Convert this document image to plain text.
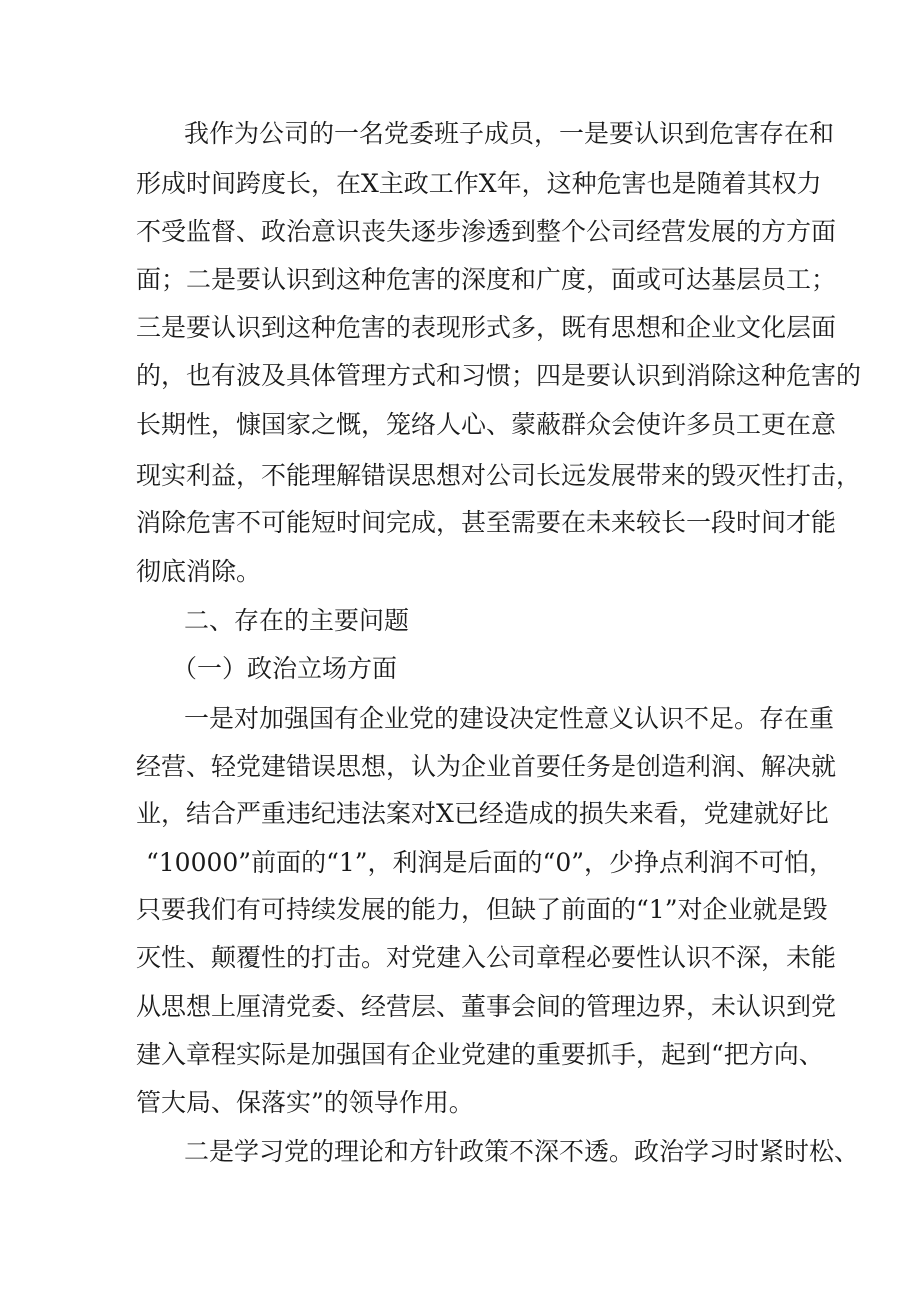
我作为公司的一名党委班子成员，一是要认识到危害存在和
形成时间跨度长，在X主政工作X年，这种危害也是随着其权力
不受监督、政治意识丧失逐步渗透到整个公司经营发展的方方面
面；二是要认识到这种危害的深度和广度，面或可达基层员工；
三是要认识到这种危害的表现形式多，既有思想和企业文化层面
的，也有波及具体管理方式和习惯；四是要认识到消除这种危害的
长期性，慷国家之慨，笼络人心、蒙蔽群众会使许多员工更在意
现实利益，不能理解错误思想对公司长远发展带来的毁灭性打击，
消除危害不可能短时间完成，甚至需要在未来较长一段时间才能
彻底消除。
二、存在的主要问题
（一）政治立场方面
一是对加强国有企业党的建设决定性意义认识不足。存在重
经营、轻党建错误思想，认为企业首要任务是创造利润、解决就
业，结合严重违纪违法案对X已经造成的损失来看，党建就好比
“10000”前面的“1”，利润是后面的“0”，少挣点利润不可怕，
只要我们有可持续发展的能力，但缺了前面的“1”对企业就是毁
灭性、颠覆性的打击。对党建入公司章程必要性认识不深，未能
从思想上厘清党委、经营层、董事会间的管理边界，未认识到党
建入章程实际是加强国有企业党建的重要抓手，起到“把方向、
管大局、保落实”的领导作用。
二是学习党的理论和方针政策不深不透。政治学习时紧时松、
